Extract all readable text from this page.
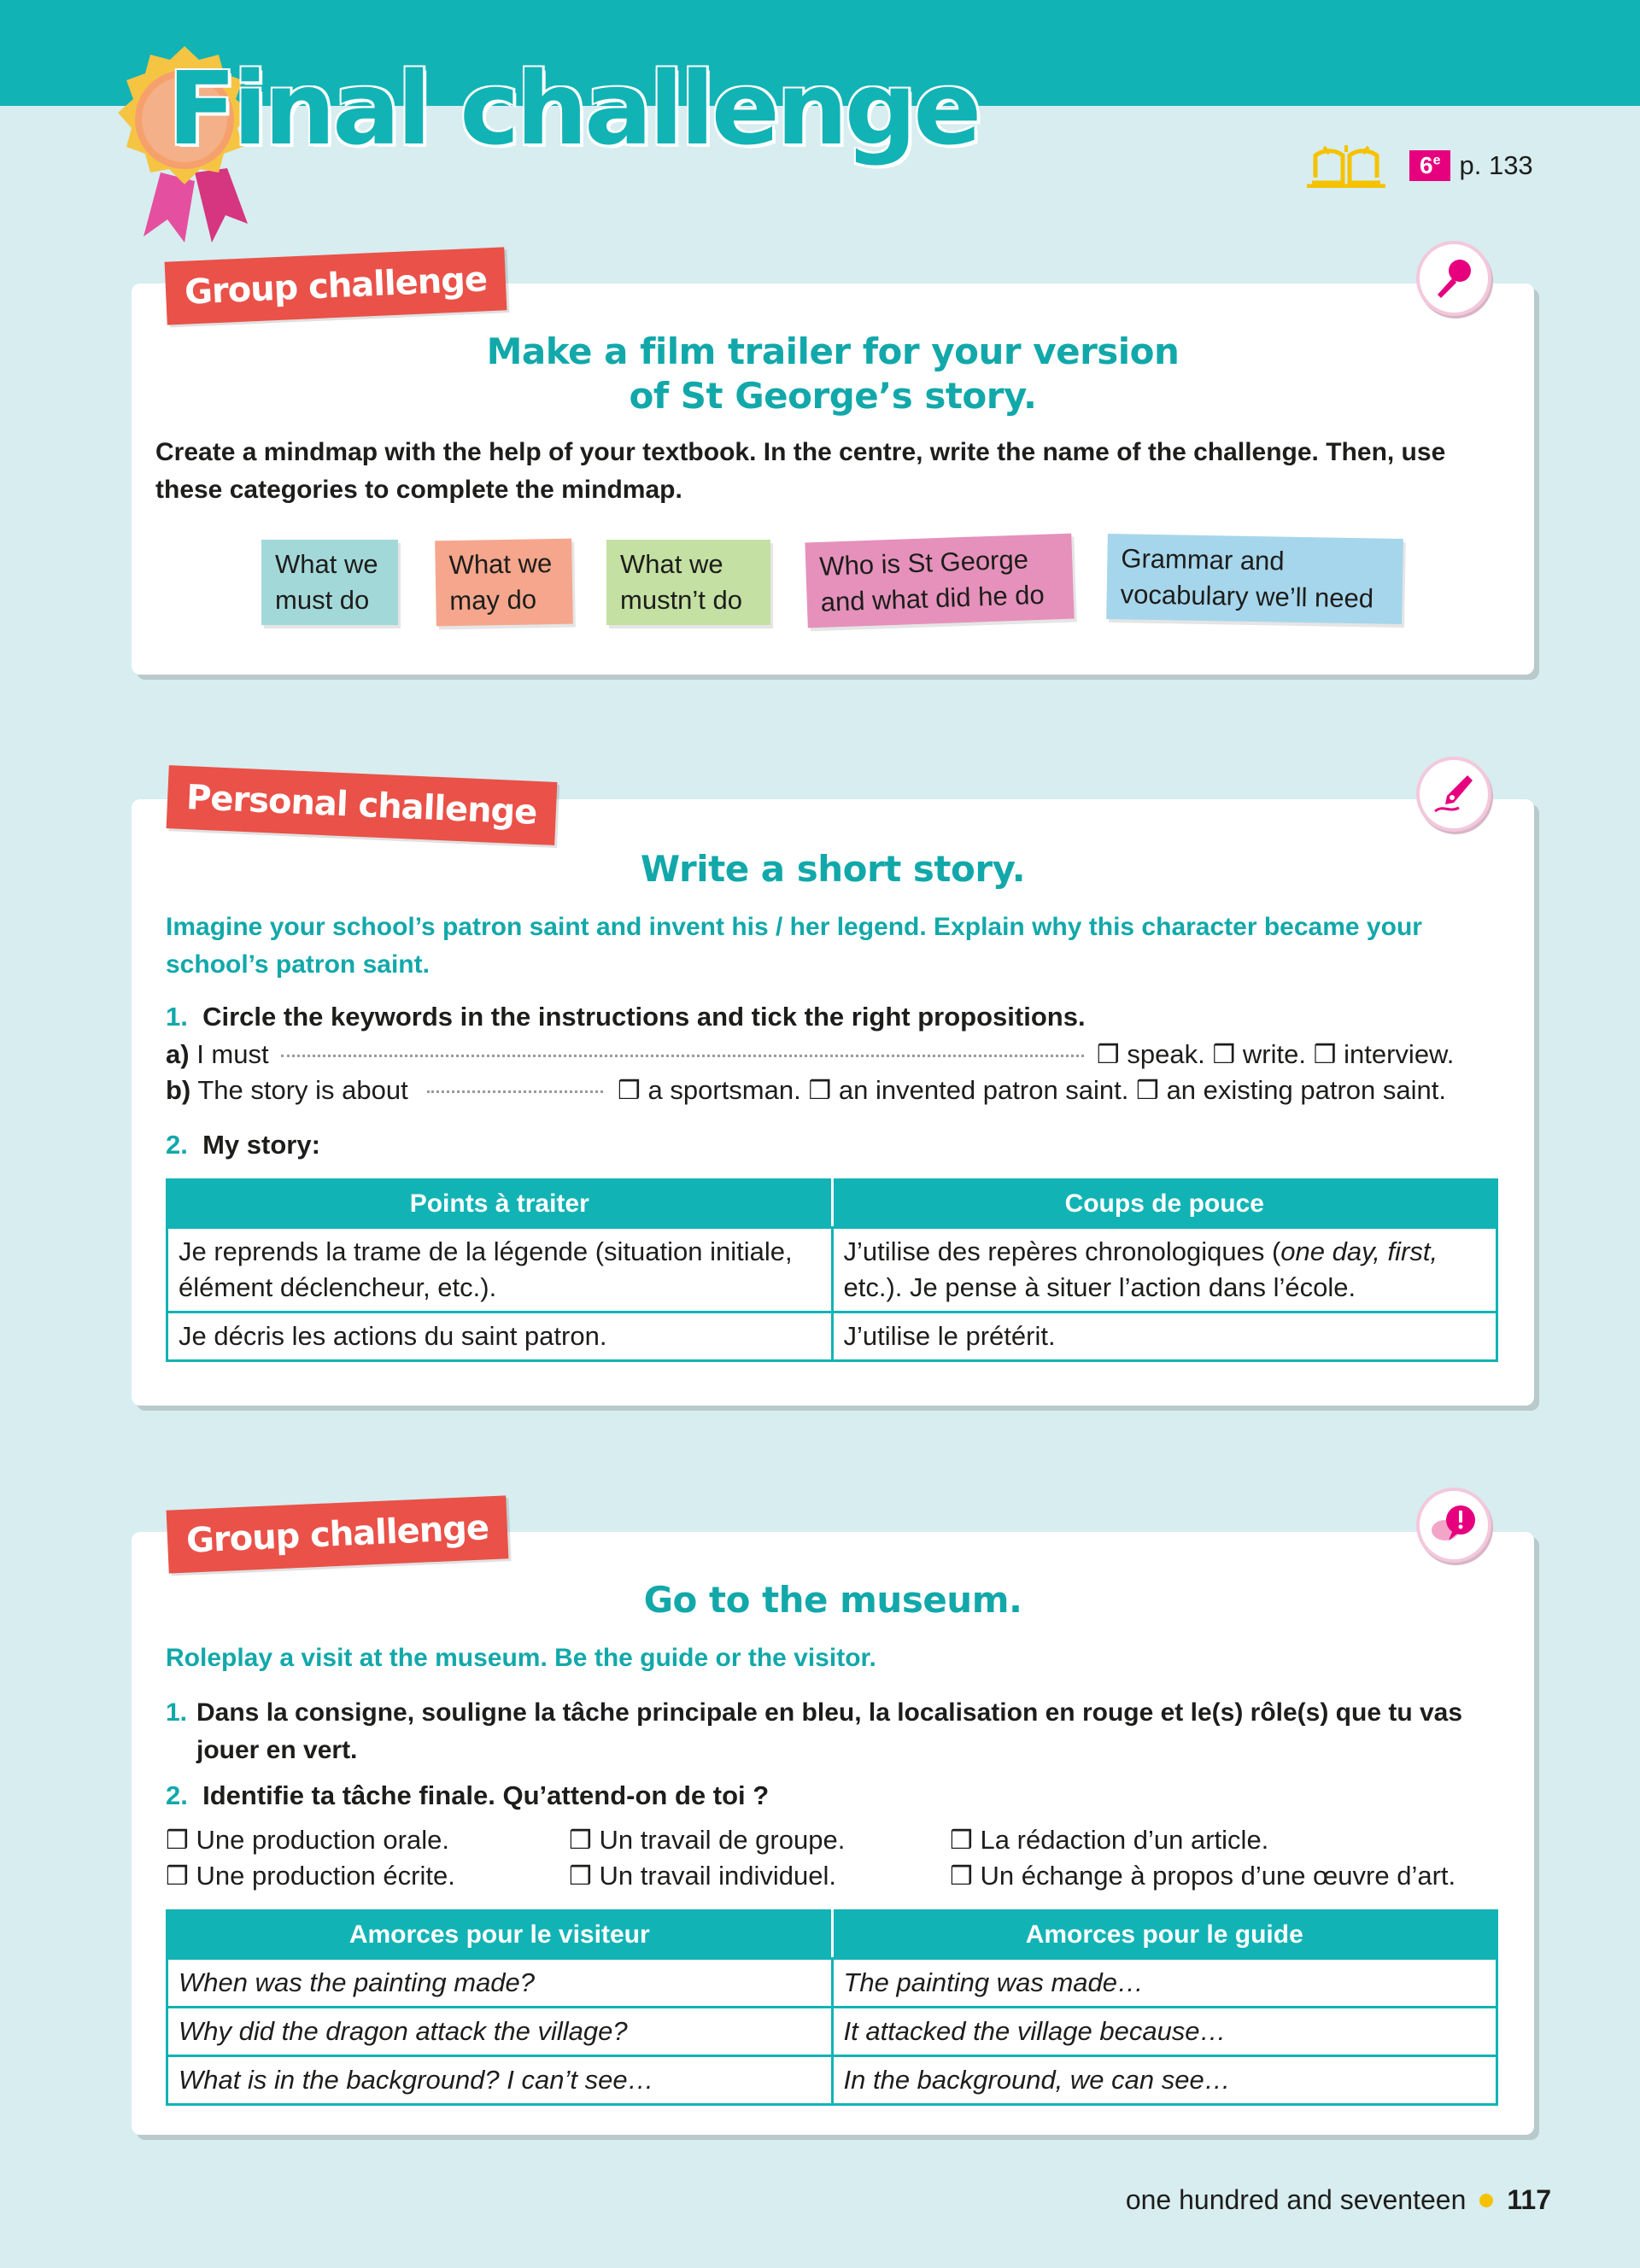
Final challenge	6e p. 133
Make a film trailer for your version
of St George’s story.
Create a mindmap with the help of your textbook. In the centre, write the name of the challenge. Then, use these categories to complete the mindmap.
What we
must do
What we
may do
What we
mustn’t do
Who is St George
and what did he do
Grammar and
vocabulary we’ll need
Group challenge
Write a short story.
Imagine your school’s patron saint and invent his / her legend. Explain why this character became your school’s patron saint.
1. Circle the keywords in the instructions and tick the right propositions.
a) I must	❒ speak. ❒ write. ❒ interview.
b) The story is about	❒ a sportsman. ❒ an invented patron saint. ❒ an existing patron saint.
2. My story:
Points à traiter	Coups de pouce
Je reprends la trame de la légende (situation initiale, élément déclencheur, etc.).	J’utilise des repères chronologiques (one day, first, etc.). Je pense à situer l’action dans l’école.
Je décris les actions du saint patron.	J’utilise le prétérit.
Personal challenge
Go to the museum.
Roleplay a visit at the museum. Be the guide or the visitor.
1. Dans la consigne, souligne la tâche principale en bleu, la localisation en rouge et le(s) rôle(s) que tu vas jouer en vert.
2. Identifie ta tâche finale. Qu’attend-on de toi ?
❒ Une production orale.	❒ Un travail de groupe.	❒ La rédaction d’un article.
❒ Une production écrite.	❒ Un travail individuel.	❒ Un échange à propos d’une œuvre d’art.
Amorces pour le visiteur	Amorces pour le guide
When was the painting made?	The painting was made…
Why did the dragon attack the village?	It attacked the village because…
What is in the background? I can’t see…	In the background, we can see…
Group challenge
one hundred and seventeen 117
